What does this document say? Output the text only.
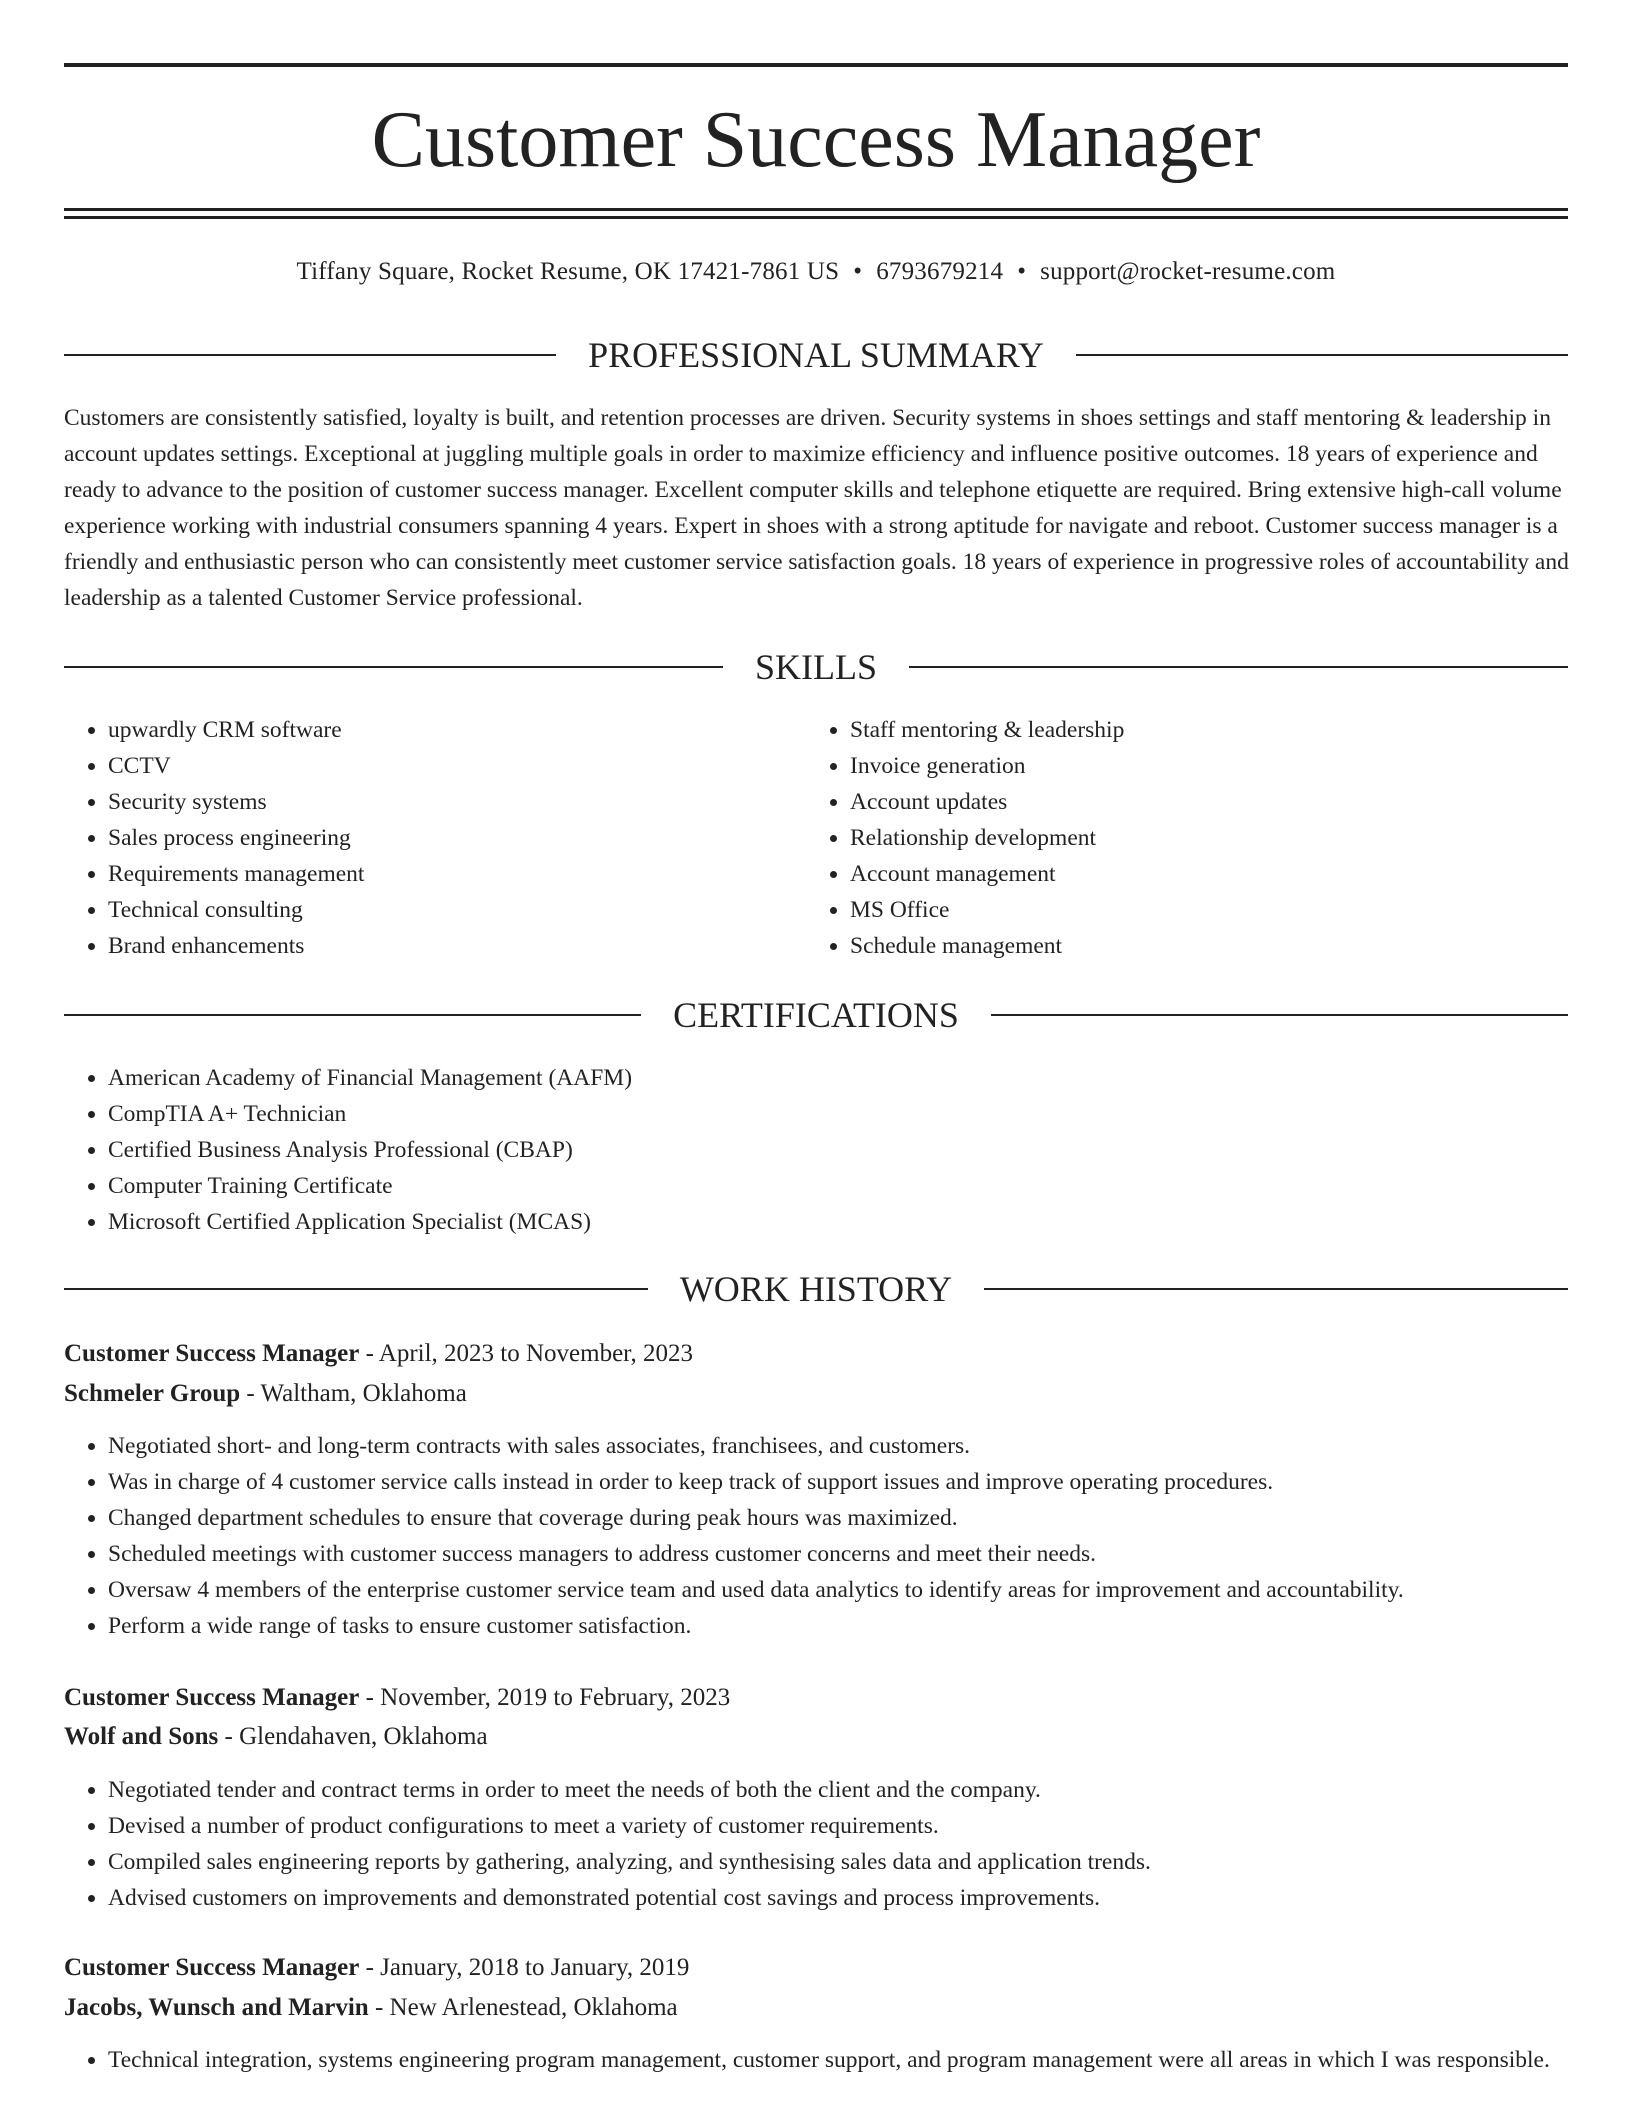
Customer Success Manager
Tiffany Square, Rocket Resume, OK 17421-7861 US • 6793679214 • support@rocket-resume.com
PROFESSIONAL SUMMARY

Customers are consistently satisfied, loyalty is built, and retention processes are driven. Security systems in shoes settings and staff mentoring & leadership in account updates settings. Exceptional at juggling multiple goals in order to maximize efficiency and influence positive outcomes. 18 years of experience and ready to advance to the position of customer success manager. Excellent computer skills and telephone etiquette are required. Bring extensive high-call volume experience working with industrial consumers spanning 4 years. Expert in shoes with a strong aptitude for navigate and reboot. Customer success manager is a friendly and enthusiastic person who can consistently meet customer service satisfaction goals. 18 years of experience in progressive roles of accountability and leadership as a talented Customer Service professional.

SKILLS
• upwardly CRM software
• CCTV
• Security systems
• Sales process engineering
• Requirements management
• Technical consulting
• Brand enhancements
• Staff mentoring & leadership
• Invoice generation
• Account updates
• Relationship development
• Account management
• MS Office
• Schedule management
CERTIFICATIONS
• American Academy of Financial Management (AAFM)
• CompTIA A+ Technician
• Certified Business Analysis Professional (CBAP)
• Computer Training Certificate
• Microsoft Certified Application Specialist (MCAS)
WORK HISTORY
Customer Success Manager - April, 2023 to November, 2023
Schmeler Group - Waltham, Oklahoma
• Negotiated short- and long-term contracts with sales associates, franchisees, and customers.
• Was in charge of 4 customer service calls instead in order to keep track of support issues and improve operating procedures.
• Changed department schedules to ensure that coverage during peak hours was maximized.
• Scheduled meetings with customer success managers to address customer concerns and meet their needs.
• Oversaw 4 members of the enterprise customer service team and used data analytics to identify areas for improvement and accountability.
• Perform a wide range of tasks to ensure customer satisfaction.
Customer Success Manager - November, 2019 to February, 2023
Wolf and Sons - Glendahaven, Oklahoma
• Negotiated tender and contract terms in order to meet the needs of both the client and the company.
• Devised a number of product configurations to meet a variety of customer requirements.
• Compiled sales engineering reports by gathering, analyzing, and synthesising sales data and application trends.
• Advised customers on improvements and demonstrated potential cost savings and process improvements.
Customer Success Manager - January, 2018 to January, 2019
Jacobs, Wunsch and Marvin - New Arlenestead, Oklahoma
• Technical integration, systems engineering program management, customer support, and program management were all areas in which I was responsible.
